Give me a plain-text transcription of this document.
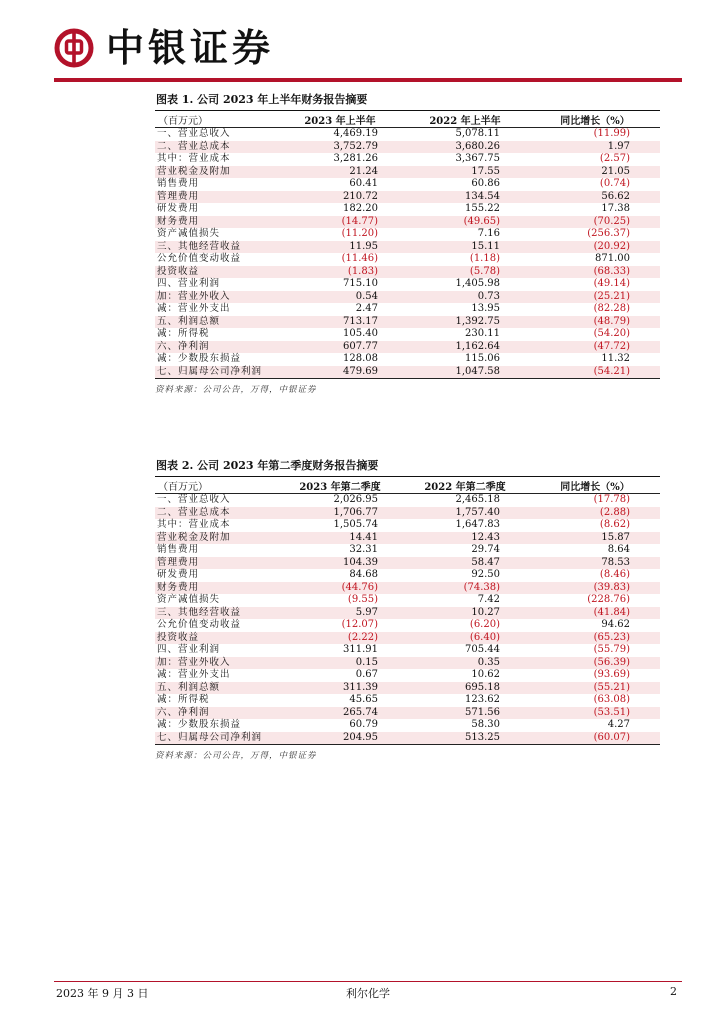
中银证券
图表 1. 公司 2023 年上半年财务报告摘要
（百万元）	2023 年上半年	2022 年上半年	同比增长（%）
一、营业总收入	4,469.19	5,078.11	(11.99)
二、营业总成本	3,752.79	3,680.26	1.97
其中：营业成本	3,281.26	3,367.75	(2.57)
营业税金及附加	21.24	17.55	21.05
销售费用	60.41	60.86	(0.74)
管理费用	210.72	134.54	56.62
研发费用	182.20	155.22	17.38
财务费用	(14.77)	(49.65)	(70.25)
资产减值损失	(11.20)	7.16	(256.37)
三、其他经营收益	11.95	15.11	(20.92)
公允价值变动收益	(11.46)	(1.18)	871.00
投资收益	(1.83)	(5.78)	(68.33)
四、营业利润	715.10	1,405.98	(49.14)
加：营业外收入	0.54	0.73	(25.21)
减：营业外支出	2.47	13.95	(82.28)
五、利润总额	713.17	1,392.75	(48.79)
减：所得税	105.40	230.11	(54.20)
六、净利润	607.77	1,162.64	(47.72)
减：少数股东损益	128.08	115.06	11.32
七、归属母公司净利润	479.69	1,047.58	(54.21)
资料来源：公司公告，万得，中银证券
图表 2. 公司 2023 年第二季度财务报告摘要
（百万元）	2023 年第二季度	2022 年第二季度	同比增长（%）
一、营业总收入	2,026.95	2,465.18	(17.78)
二、营业总成本	1,706.77	1,757.40	(2.88)
其中：营业成本	1,505.74	1,647.83	(8.62)
营业税金及附加	14.41	12.43	15.87
销售费用	32.31	29.74	8.64
管理费用	104.39	58.47	78.53
研发费用	84.68	92.50	(8.46)
财务费用	(44.76)	(74.38)	(39.83)
资产减值损失	(9.55)	7.42	(228.76)
三、其他经营收益	5.97	10.27	(41.84)
公允价值变动收益	(12.07)	(6.20)	94.62
投资收益	(2.22)	(6.40)	(65.23)
四、营业利润	311.91	705.44	(55.79)
加：营业外收入	0.15	0.35	(56.39)
减：营业外支出	0.67	10.62	(93.69)
五、利润总额	311.39	695.18	(55.21)
减：所得税	45.65	123.62	(63.08)
六、净利润	265.74	571.56	(53.51)
减：少数股东损益	60.79	58.30	4.27
七、归属母公司净利润	204.95	513.25	(60.07)
资料来源：公司公告，万得，中银证券
2023 年 9 月 3 日	利尔化学	2
